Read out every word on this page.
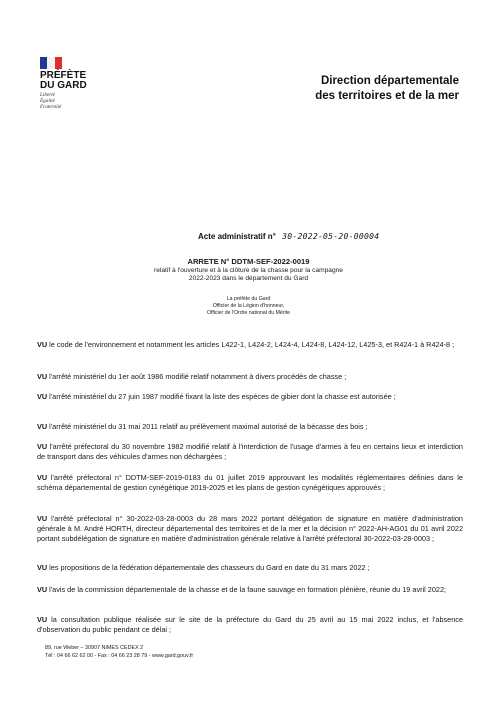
PRÉFÈTE
DU GARD
Liberté
Égalité
Fraternité
Direction départementale
des territoires et de la mer
Acte administratif n° 30-2022-05-20-00004
ARRETE N° DDTM-SEF-2022-0019
relatif à l'ouverture et à la clôture de la chasse pour la campagne
2022-2023 dans le département du Gard
La préfète du Gard
Officier de la Légion d'honneur,
Officier de l'Ordre national du Mérite
VU le code de l'environnement et notamment les articles L422-1, L424-2, L424-4, L424-8, L424-12, L425-3, et R424-1 à R424-8 ;
VU l'arrêté ministériel du 1er août 1986 modifié relatif notamment à divers procédés de chasse ;
VU l'arrêté ministériel du 27 juin 1987 modifié fixant la liste des espèces de gibier dont la chasse est autorisée ;
VU l'arrêté ministériel du 31 mai 2011 relatif au prélèvement maximal autorisé de la bécasse des bois ;
VU l'arrêté préfectoral du 30 novembre 1982 modifié relatif à l'interdiction de l'usage d'armes à feu en certains lieux et interdiction de transport dans des véhicules d'armes non déchargées ;
VU l'arrêté préfectoral n° DDTM-SEF-2019-0183 du 01 juillet 2019 approuvant les modalités réglementaires définies dans le schéma départemental de gestion cynégétique 2019-2025 et les plans de gestion cynégétiques approuvés ;
VU l'arrêté préfectoral n° 30-2022-03-28-0003 du 28 mars 2022 portant délégation de signature en matière d'administration générale à M. André HORTH, directeur départemental des territoires et de la mer et la décision n° 2022-AH-AG01 du 01 avril 2022 portant subdélégation de signature en matière d'administration générale relative à l'arrêté préfectoral 30-2022-03-28-0003 ;
VU les propositions de la fédération départementale des chasseurs du Gard en date du 31 mars 2022 ;
VU l'avis de la commission départementale de la chasse et de la faune sauvage en formation plénière, réunie du 19 avril 2022;
VU la consultation publique réalisée sur le site de la préfecture du Gard du 25 avril au 15 mai 2022 inclus, et l'absence d'observation du public pendant ce délai ;
89, rue Weber – 30907 NIMES CEDEX 2
Tél : 04 66 62 62 00 - Fax : 04 66 23 28 79 - www.gard.gouv.fr
